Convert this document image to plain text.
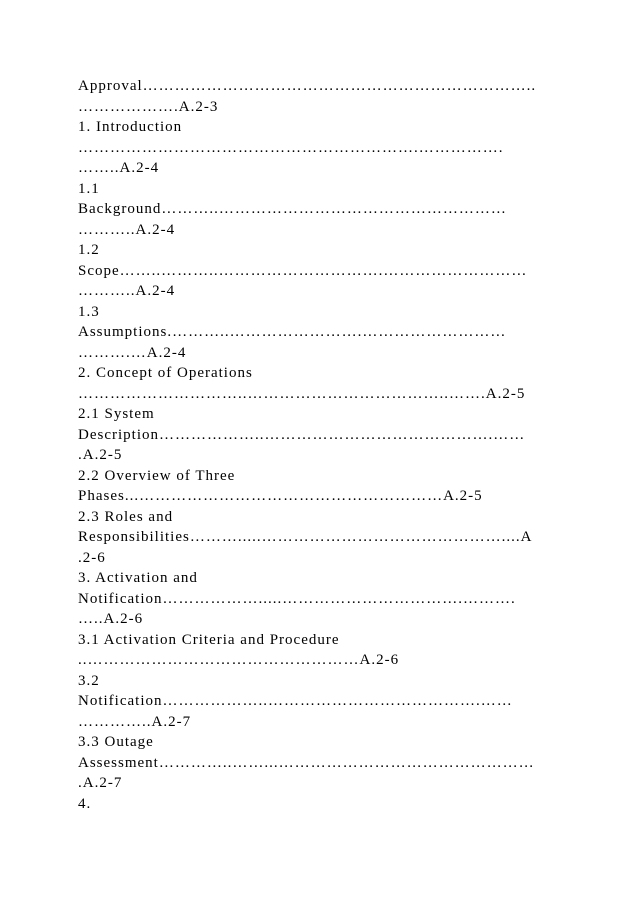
Approval………………………………………………………………..
……………….A.2-3
1. Introduction
……………………………………………………….…………….
……..A.2-4
1.1
Background………..………………………………………………
………..A.2-4
1.2
Scope……..………..………………………….………………………
………..A.2-4
1.3
Assumptions.………..…………………….………………………
……….…A.2-4
2. Concept of Operations
…………………………..………………………………..…….A.2-5
2.1 System
Description………………..…………………………………….……
.A.2-5
2.2 Overview of Three
Phases...…………………………………………………A.2-5
2.3 Roles and
Responsibilities……….....………………………………………....A
.2-6
3. Activation and
Notification……………….....…………………………….……….
…..A.2-6
3.1 Activation Criteria and Procedure
..……………………………………………A.2-6
3.2
Notification………………..………………………………….……
…………..A.2-7
3.3 Outage
Assessment…………..……...…………………………………………
.A.2-7
4.
